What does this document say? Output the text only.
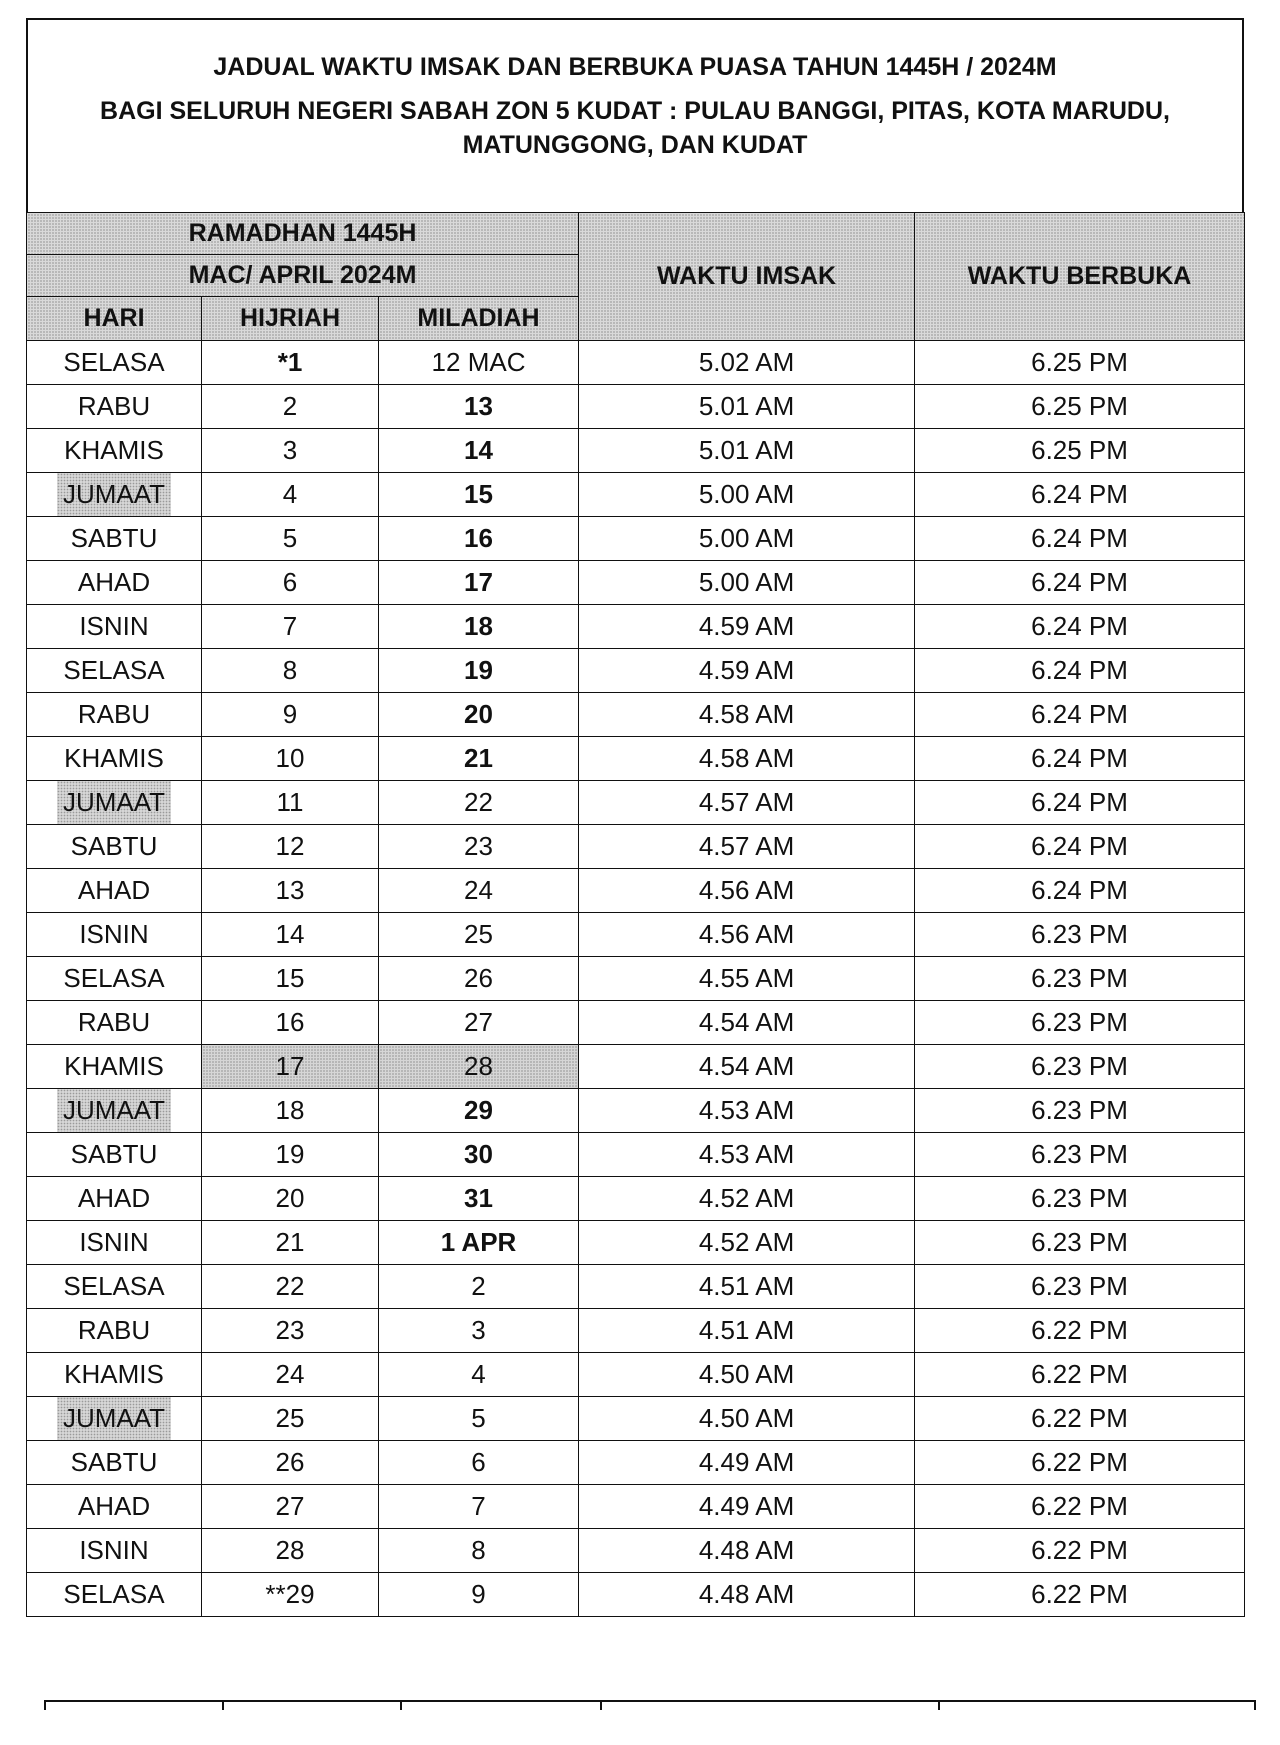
JADUAL WAKTU IMSAK DAN BERBUKA PUASA TAHUN 1445H / 2024M
BAGI SELURUH NEGERI SABAH ZON 5 KUDAT : PULAU BANGGI, PITAS, KOTA MARUDU,
MATUNGGONG, DAN KUDAT
RAMADHAN 1445H			WAKTU IMSAK	WAKTU BERBUKA
MAC/ APRIL 2024M				
HARI	HIJRIAH	MILADIAH		
SELASA	*1	12 MAC	5.02 AM	6.25 PM
RABU	2	13	5.01 AM	6.25 PM
KHAMIS	3	14	5.01 AM	6.25 PM
JUMAAT	4	15	5.00 AM	6.24 PM
SABTU	5	16	5.00 AM	6.24 PM
AHAD	6	17	5.00 AM	6.24 PM
ISNIN	7	18	4.59 AM	6.24 PM
SELASA	8	19	4.59 AM	6.24 PM
RABU	9	20	4.58 AM	6.24 PM
KHAMIS	10	21	4.58 AM	6.24 PM
JUMAAT	11	22	4.57 AM	6.24 PM
SABTU	12	23	4.57 AM	6.24 PM
AHAD	13	24	4.56 AM	6.24 PM
ISNIN	14	25	4.56 AM	6.23 PM
SELASA	15	26	4.55 AM	6.23 PM
RABU	16	27	4.54 AM	6.23 PM
KHAMIS	17	28	4.54 AM	6.23 PM
JUMAAT	18	29	4.53 AM	6.23 PM
SABTU	19	30	4.53 AM	6.23 PM
AHAD	20	31	4.52 AM	6.23 PM
ISNIN	21	1 APR	4.52 AM	6.23 PM
SELASA	22	2	4.51 AM	6.23 PM
RABU	23	3	4.51 AM	6.22 PM
KHAMIS	24	4	4.50 AM	6.22 PM
JUMAAT	25	5	4.50 AM	6.22 PM
SABTU	26	6	4.49 AM	6.22 PM
AHAD	27	7	4.49 AM	6.22 PM
ISNIN	28	8	4.48 AM	6.22 PM
SELASA	**29	9	4.48 AM	6.22 PM
